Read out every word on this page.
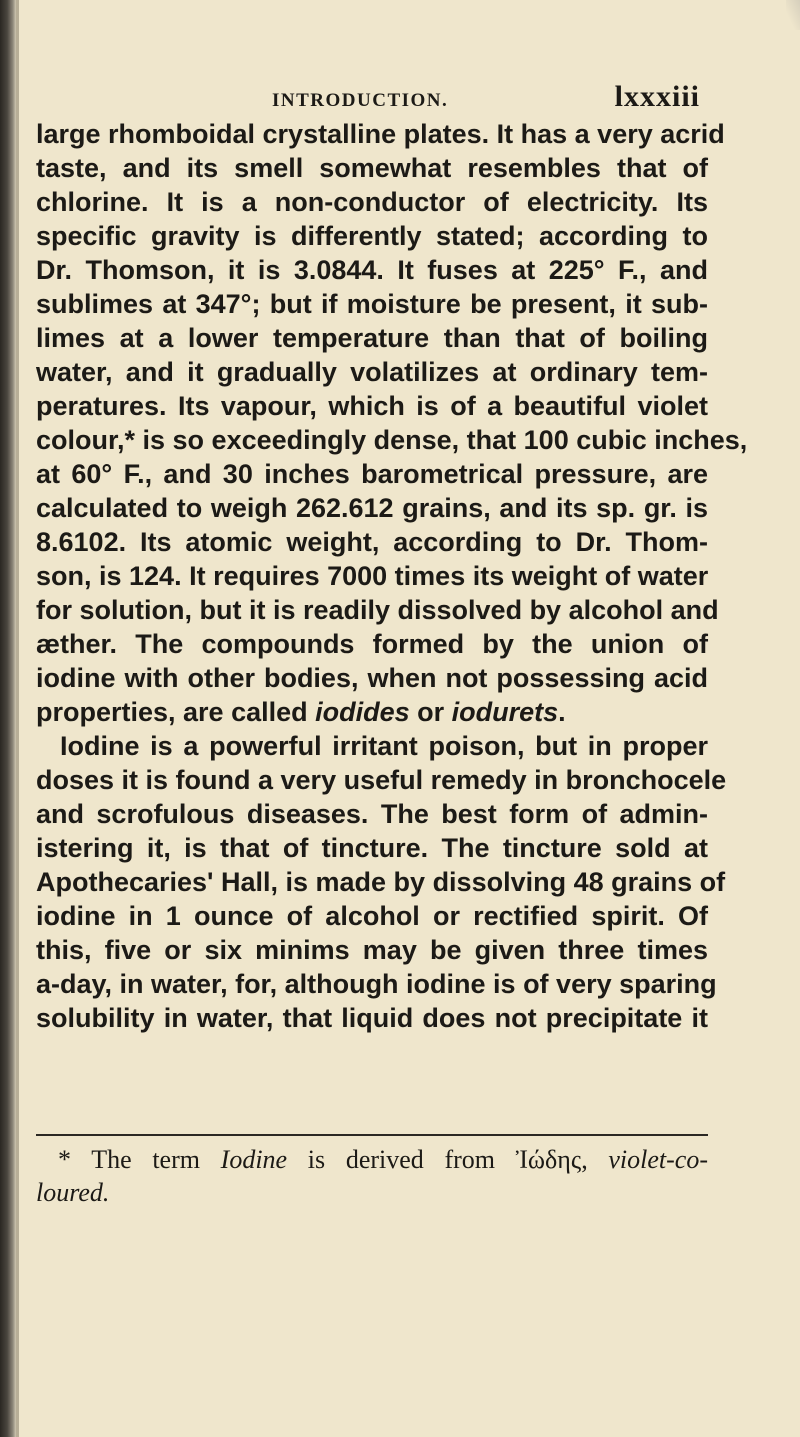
INTRODUCTION.	lxxxiii
large rhomboidal crystalline plates. It has a very acrid
taste, and its smell somewhat resembles that of
chlorine. It is a non-conductor of electricity. Its
specific gravity is differently stated; according to
Dr. Thomson, it is 3.0844. It fuses at 225° F., and
sublimes at 347°; but if moisture be present, it sub-
limes at a lower temperature than that of boiling
water, and it gradually volatilizes at ordinary tem-
peratures. Its vapour, which is of a beautiful violet
colour,* is so exceedingly dense, that 100 cubic inches,
at 60° F., and 30 inches barometrical pressure, are
calculated to weigh 262.612 grains, and its sp. gr. is
8.6102. Its atomic weight, according to Dr. Thom-
son, is 124. It requires 7000 times its weight of water
for solution, but it is readily dissolved by alcohol and
æther. The compounds formed by the union of
iodine with other bodies, when not possessing acid
properties, are called iodides or iodurets.
Iodine is a powerful irritant poison, but in proper
doses it is found a very useful remedy in bronchocele
and scrofulous diseases. The best form of admin-
istering it, is that of tincture. The tincture sold at
Apothecaries' Hall, is made by dissolving 48 grains of
iodine in 1 ounce of alcohol or rectified spirit. Of
this, five or six minims may be given three times
a-day, in water, for, although iodine is of very sparing
solubility in water, that liquid does not precipitate it
* The term Iodine is derived from Ἰώδης, violet-co-
loured.
